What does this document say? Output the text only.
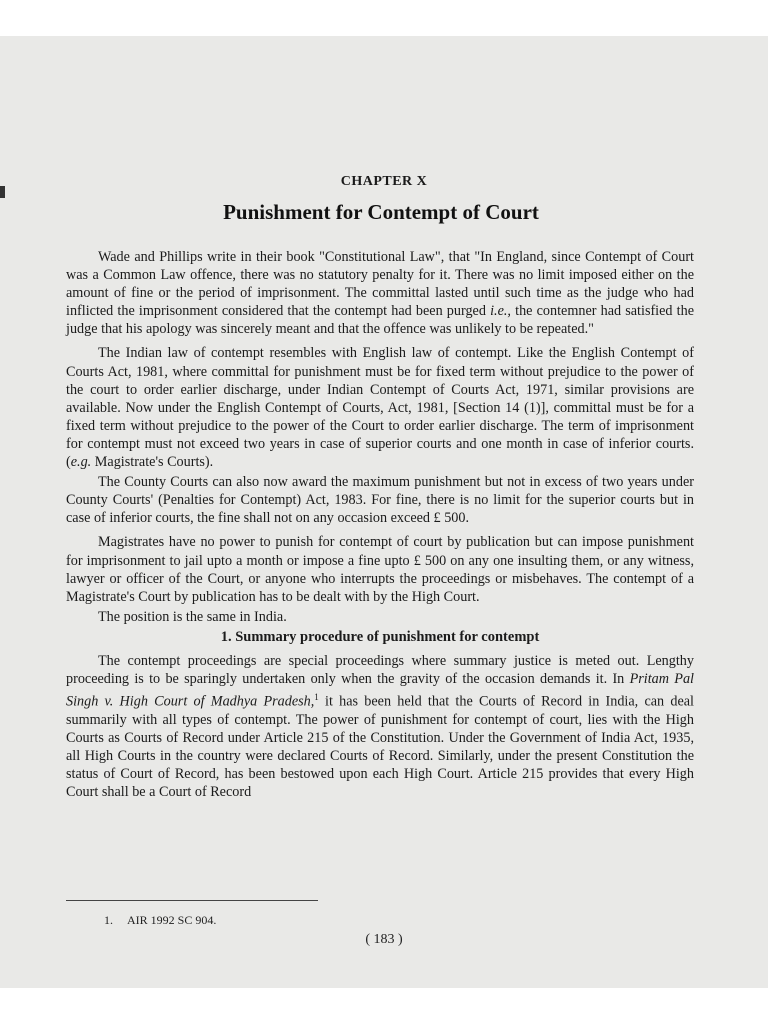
CHAPTER X
Punishment for Contempt of Court

Wade and Phillips write in their book "Constitutional Law", that "In England, since Contempt of Court was a Common Law offence, there was no statutory penalty for it. There was no limit imposed either on the amount of fine or the period of imprisonment. The committal lasted until such time as the judge who had inflicted the imprisonment considered that the contempt had been purged i.e., the contemner had satisfied the judge that his apology was sincerely meant and that the offence was unlikely to be repeated."

The Indian law of contempt resembles with English law of contempt. Like the English Contempt of Courts Act, 1981, where committal for punishment must be for fixed term without prejudice to the power of the court to order earlier discharge, under Indian Contempt of Courts Act, 1971, similar provisions are available. Now under the English Contempt of Courts, Act, 1981, [Section 14 (1)], committal must be for a fixed term without prejudice to the power of the Court to order earlier discharge. The term of imprisonment for contempt must not exceed two years in case of superior courts and one month in case of inferior courts. (e.g. Magistrate's Courts).

The County Courts can also now award the maximum punishment but not in excess of two years under County Courts' (Penalties for Contempt) Act, 1983. For fine, there is no limit for the superior courts but in case of inferior courts, the fine shall not on any occasion exceed £ 500.

Magistrates have no power to punish for contempt of court by publication but can impose punishment for imprisonment to jail upto a month or impose a fine upto £ 500 on any one insulting them, or any witness, lawyer or officer of the Court, or anyone who interrupts the proceedings or misbehaves. The contempt of a Magistrate's Court by publication has to be dealt with by the High Court.

The position is the same in India.

1. Summary procedure of punishment for contempt

The contempt proceedings are special proceedings where summary justice is meted out. Lengthy proceeding is to be sparingly undertaken only when the gravity of the occasion demands it. In Pritam Pal Singh v. High Court of Madhya Pradesh,$^1$ it has been held that the Courts of Record in India, can deal summarily with all types of contempt. The power of punishment for contempt of court, lies with the High Courts as Courts of Record under Article 215 of the Constitution. Under the Government of India Act, 1935, all High Courts in the country were declared Courts of Record. Similarly, under the present Constitution the status of Court of Record, has been bestowed upon each High Court. Article 215 provides that every High Court shall be a Court of Record

1. AIR 1992 SC 904.
( 183 )
